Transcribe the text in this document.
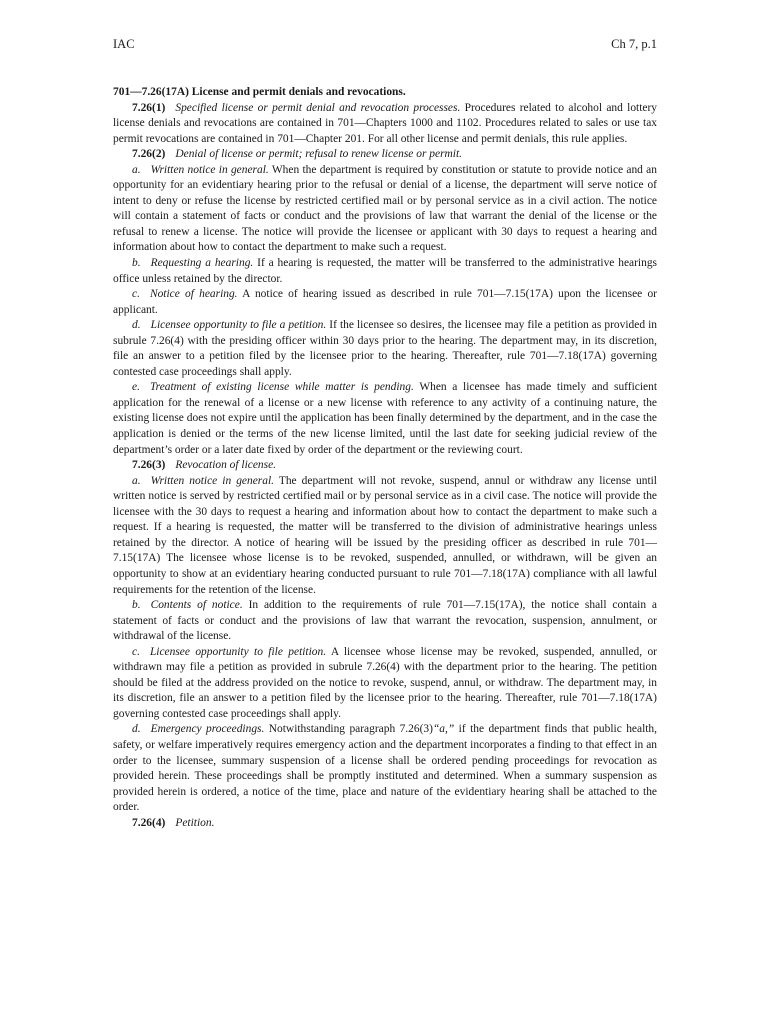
IAC	Ch 7, p.1
701—7.26(17A) License and permit denials and revocations.

7.26(1) Specified license or permit denial and revocation processes. Procedures related to alcohol and lottery license denials and revocations are contained in 701—Chapters 1000 and 1102. Procedures related to sales or use tax permit revocations are contained in 701—Chapter 201. For all other license and permit denials, this rule applies.

7.26(2) Denial of license or permit; refusal to renew license or permit.

a. Written notice in general. When the department is required by constitution or statute to provide notice and an opportunity for an evidentiary hearing prior to the refusal or denial of a license, the department will serve notice of intent to deny or refuse the license by restricted certified mail or by personal service as in a civil action. The notice will contain a statement of facts or conduct and the provisions of law that warrant the denial of the license or the refusal to renew a license. The notice will provide the licensee or applicant with 30 days to request a hearing and information about how to contact the department to make such a request.

b. Requesting a hearing. If a hearing is requested, the matter will be transferred to the administrative hearings office unless retained by the director.

c. Notice of hearing. A notice of hearing issued as described in rule 701—7.15(17A) upon the licensee or applicant.

d. Licensee opportunity to file a petition. If the licensee so desires, the licensee may file a petition as provided in subrule 7.26(4) with the presiding officer within 30 days prior to the hearing. The department may, in its discretion, file an answer to a petition filed by the licensee prior to the hearing. Thereafter, rule 701—7.18(17A) governing contested case proceedings shall apply.

e. Treatment of existing license while matter is pending. When a licensee has made timely and sufficient application for the renewal of a license or a new license with reference to any activity of a continuing nature, the existing license does not expire until the application has been finally determined by the department, and in the case the application is denied or the terms of the new license limited, until the last date for seeking judicial review of the department’s order or a later date fixed by order of the department or the reviewing court.

7.26(3) Revocation of license.

a. Written notice in general. The department will not revoke, suspend, annul or withdraw any license until written notice is served by restricted certified mail or by personal service as in a civil case. The notice will provide the licensee with the 30 days to request a hearing and information about how to contact the department to make such a request. If a hearing is requested, the matter will be transferred to the division of administrative hearings unless retained by the director. A notice of hearing will be issued by the presiding officer as described in rule 701—7.15(17A) The licensee whose license is to be revoked, suspended, annulled, or withdrawn, will be given an opportunity to show at an evidentiary hearing conducted pursuant to rule 701—7.18(17A) compliance with all lawful requirements for the retention of the license.

b. Contents of notice. In addition to the requirements of rule 701—7.15(17A), the notice shall contain a statement of facts or conduct and the provisions of law that warrant the revocation, suspension, annulment, or withdrawal of the license.

c. Licensee opportunity to file petition. A licensee whose license may be revoked, suspended, annulled, or withdrawn may file a petition as provided in subrule 7.26(4) with the department prior to the hearing. The petition should be filed at the address provided on the notice to revoke, suspend, annul, or withdraw. The department may, in its discretion, file an answer to a petition filed by the licensee prior to the hearing. Thereafter, rule 701—7.18(17A) governing contested case proceedings shall apply.

d. Emergency proceedings. Notwithstanding paragraph 7.26(3)“a,” if the department finds that public health, safety, or welfare imperatively requires emergency action and the department incorporates a finding to that effect in an order to the licensee, summary suspension of a license shall be ordered pending proceedings for revocation as provided herein. These proceedings shall be promptly instituted and determined. When a summary suspension as provided herein is ordered, a notice of the time, place and nature of the evidentiary hearing shall be attached to the order.

7.26(4) Petition.
